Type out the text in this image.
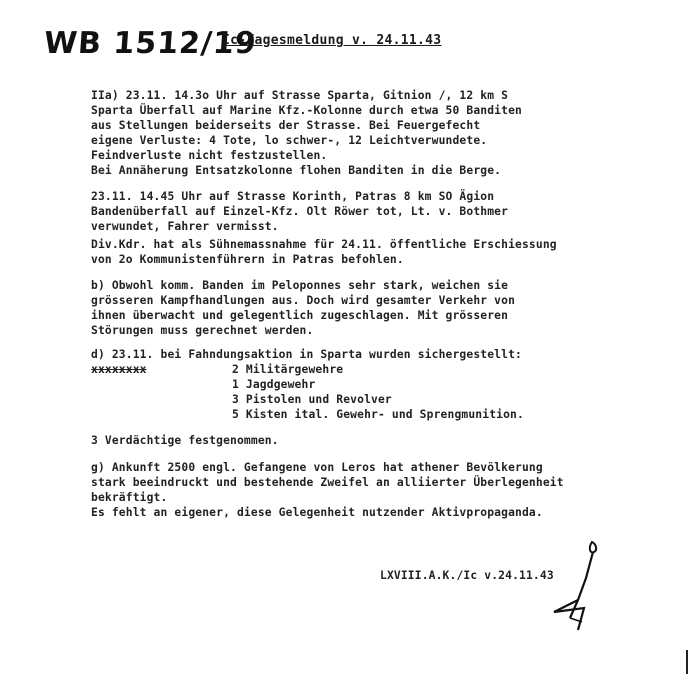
WB 1512/19
Ic-Tagesmeldung v. 24.11.43
IIa) 23.11. 14.3o Uhr auf Strasse Sparta, Gitnion /, 12 km S
Sparta Überfall auf Marine Kfz.-Kolonne durch etwa 50 Banditen
aus Stellungen beiderseits der Strasse. Bei Feuergefecht
eigene Verluste: 4 Tote, lo schwer-, 12 Leichtverwundete.
Feindverluste nicht festzustellen.
Bei Annäherung Entsatzkolonne flohen Banditen in die Berge.
23.11. 14.45 Uhr auf Strasse Korinth, Patras 8 km SO Ägion
Bandenüberfall auf Einzel-Kfz. Olt Röwer tot, Lt. v. Bothmer
verwundet, Fahrer vermisst.
Div.Kdr. hat als Sühnemassnahme für 24.11. öffentliche Erschiessung
von 2o Kommunistenführern in Patras befohlen.
b) Obwohl komm. Banden im Peloponnes sehr stark, weichen sie
grösseren Kampfhandlungen aus. Doch wird gesamter Verkehr von
ihnen überwacht und gelegentlich zugeschlagen. Mit grösseren
Störungen muss gerechnet werden.
d) 23.11. bei Fahndungsaktion in Sparta wurden sichergestellt:
xxxxxxxx	2 Militärgewehre
1 Jagdgewehr
3 Pistolen und Revolver
5 Kisten ital. Gewehr- und Sprengmunition.
3 Verdächtige festgenommen.
g) Ankunft 2500 engl. Gefangene von Leros hat athener Bevölkerung
stark beeindruckt und bestehende Zweifel an alliierter Überlegenheit
bekräftigt.
Es fehlt an eigener, diese Gelegenheit nutzender Aktivpropaganda.
LXVIII.A.K./Ic v.24.11.43
